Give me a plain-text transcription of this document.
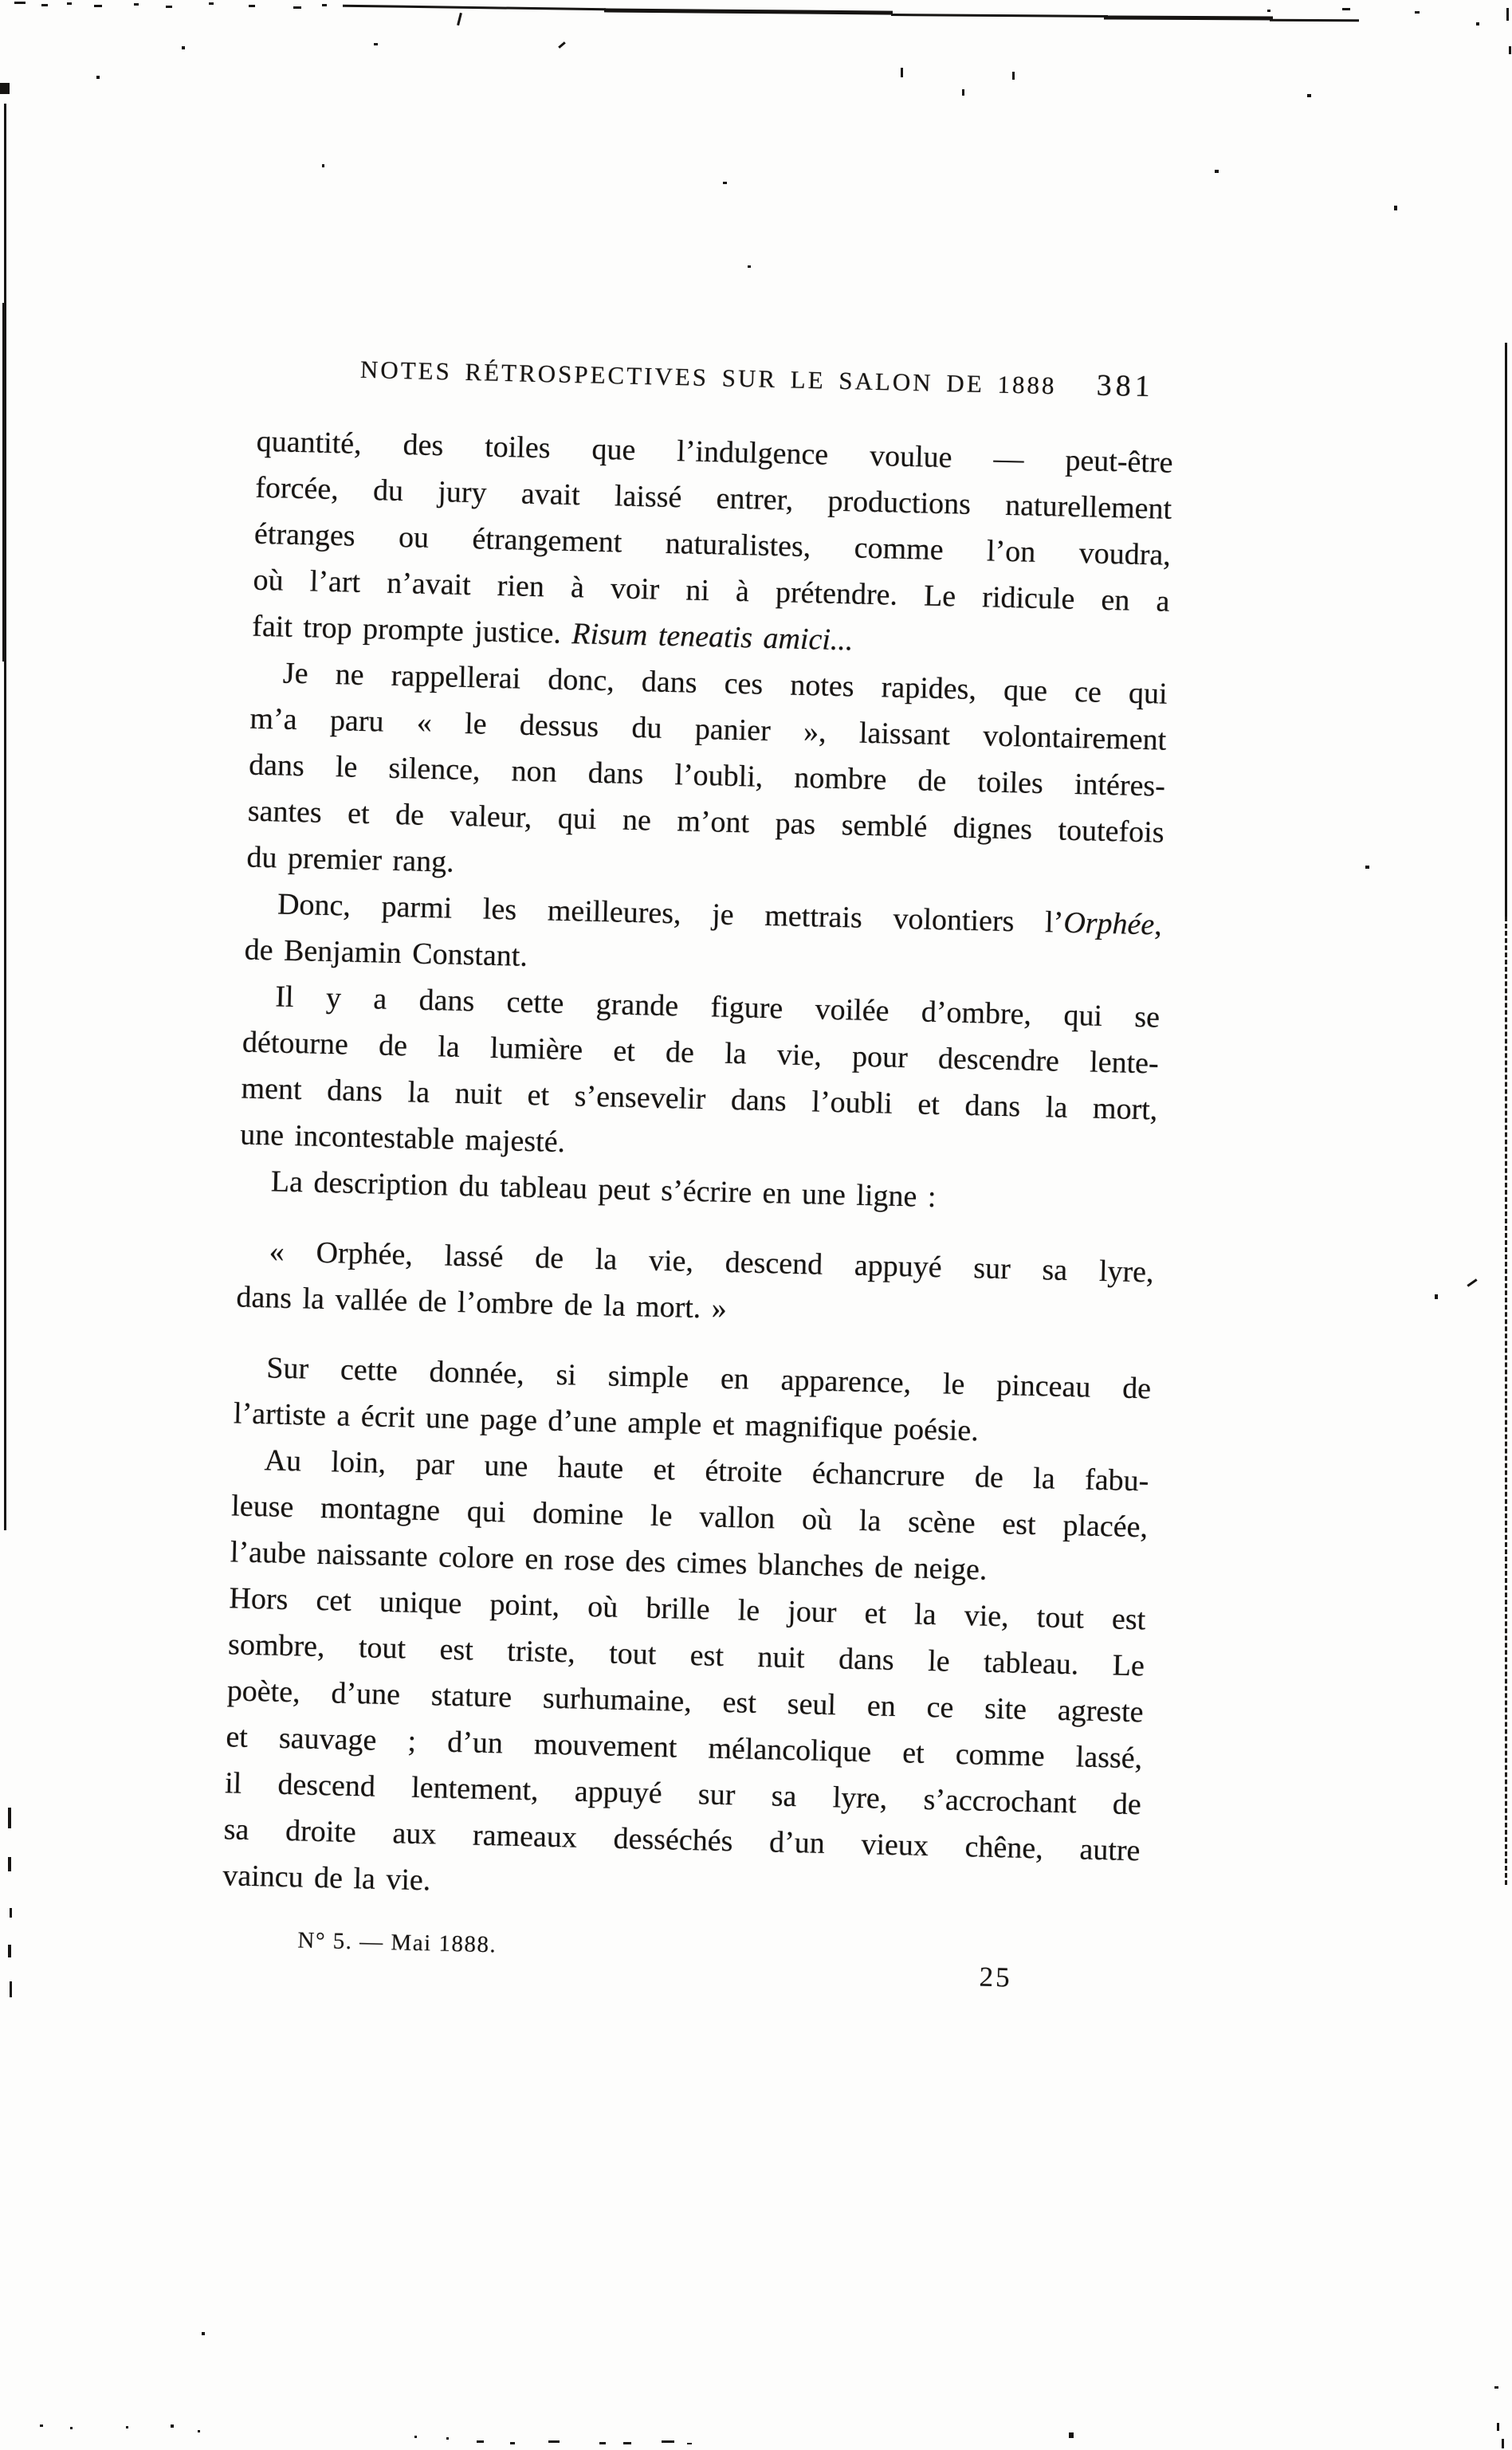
NOTES RÉTROSPECTIVES SUR LE SALON DE 1888 381
quantité, des toiles que l’indulgence voulue — peut-être
forcée, du jury avait laissé entrer, productions naturellement
étranges ou étrangement naturalistes, comme l’on voudra,
où l’art n’avait rien à voir ni à prétendre. Le ridicule en a
fait trop prompte justice. Risum teneatis amici...
Je ne rappellerai donc, dans ces notes rapides, que ce qui
m’a paru « le dessus du panier », laissant volontairement
dans le silence, non dans l’oubli, nombre de toiles intéres-
santes et de valeur, qui ne m’ont pas semblé dignes toutefois
du premier rang.
Donc, parmi les meilleures, je mettrais volontiers l’Orphée,
de Benjamin Constant.
Il y a dans cette grande figure voilée d’ombre, qui se
détourne de la lumière et de la vie, pour descendre lente-
ment dans la nuit et s’ensevelir dans l’oubli et dans la mort,
une incontestable majesté.
La description du tableau peut s’écrire en une ligne :
« Orphée, lassé de la vie, descend appuyé sur sa lyre,
dans la vallée de l’ombre de la mort. »
Sur cette donnée, si simple en apparence, le pinceau de
l’artiste a écrit une page d’une ample et magnifique poésie.
Au loin, par une haute et étroite échancrure de la fabu-
leuse montagne qui domine le vallon où la scène est placée,
l’aube naissante colore en rose des cimes blanches de neige.
Hors cet unique point, où brille le jour et la vie, tout est
sombre, tout est triste, tout est nuit dans le tableau. Le
poète, d’une stature surhumaine, est seul en ce site agreste
et sauvage ; d’un mouvement mélancolique et comme lassé,
il descend lentement, appuyé sur sa lyre, s’accrochant de
sa droite aux rameaux desséchés d’un vieux chêne, autre
vaincu de la vie.
N° 5. — Mai 1888.
25
